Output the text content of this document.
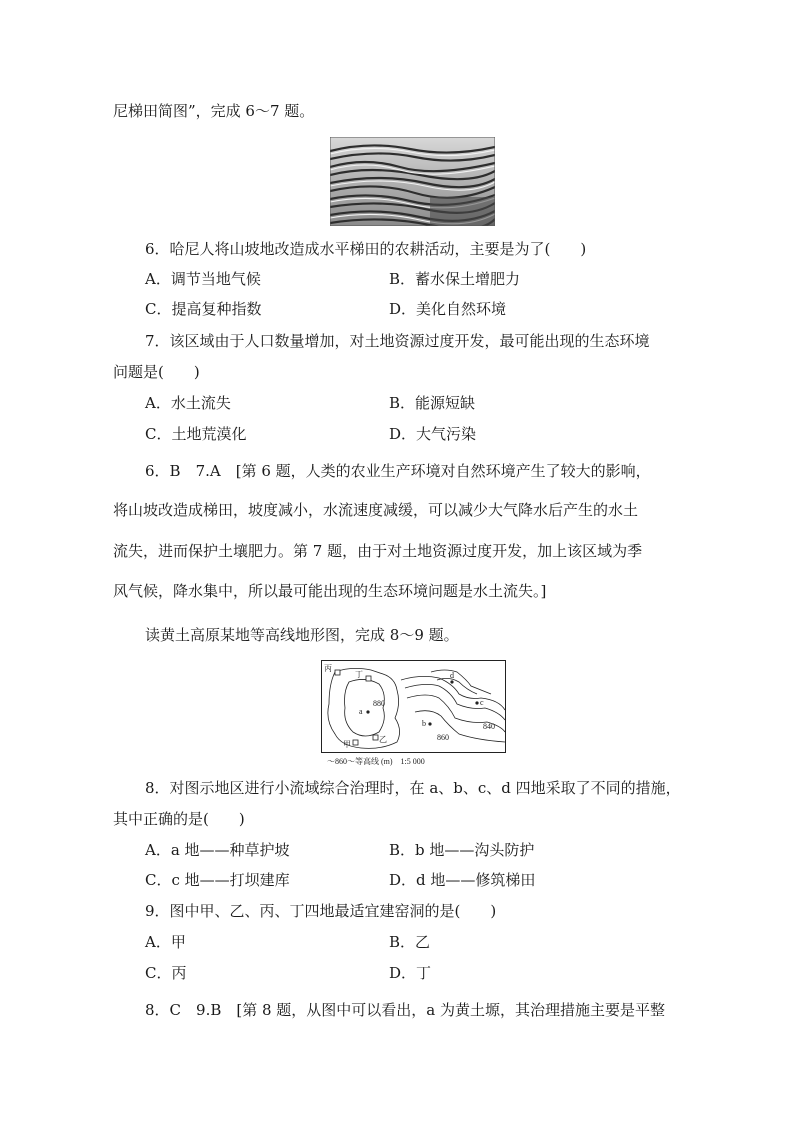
尼梯田简图”，完成 6～7 题。
6．哈尼人将山坡地改造成水平梯田的农耕活动，主要是为了(　　)
A．调节当地气候	B．蓄水保土增肥力
C．提高复种指数	D．美化自然环境
7．该区域由于人口数量增加，对土地资源过度开发，最可能出现的生态环境
问题是(　　)
A．水土流失	B．能源短缺
C．土地荒漠化	D．大气污染
6．B　7.A　[第 6 题，人类的农业生产环境对自然环境产生了较大的影响，
将山坡改造成梯田，坡度减小，水流速度减缓，可以减少大气降水后产生的水土
流失，进而保护土壤肥力。第 7 题，由于对土地资源过度开发，加上该区域为季
风气候，降水集中，所以最可能出现的生态环境问题是水土流失。]
读黄土高原某地等高线地形图，完成 8～9 题。
丙
丁
甲
乙
a
b
c
d
880
860
840
～860～等高线 (m)　1:5 000
8．对图示地区进行小流域综合治理时，在 a、b、c、d 四地采取了不同的措施，
其中正确的是(　　)
A．a 地——种草护坡	B．b 地——沟头防护
C．c 地——打坝建库	D．d 地——修筑梯田
9．图中甲、乙、丙、丁四地最适宜建窑洞的是(　　)
A．甲	B．乙
C．丙	D．丁
8．C　9.B　[第 8 题，从图中可以看出，a 为黄土塬，其治理措施主要是平整
